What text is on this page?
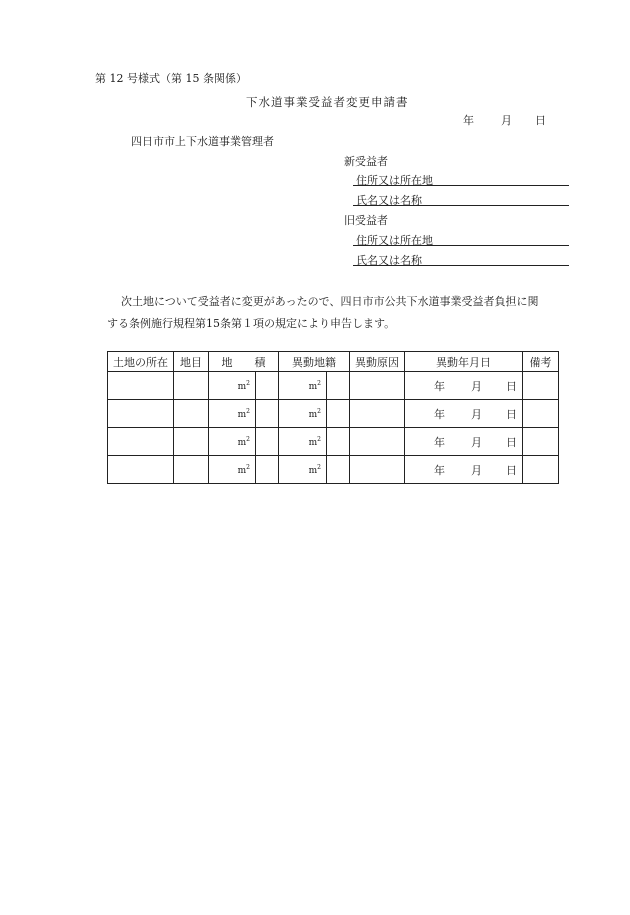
第 12 号様式（第 15 条関係）
下水道事業受益者変更申請書
年 月 日
四日市市上下水道事業管理者
新受益者
住所又は所在地
氏名又は名称
旧受益者
住所又は所在地
氏名又は名称
次土地について受益者に変更があったので、四日市市公共下水道事業受益者負担に関
する条例施行規程第15条第１項の規定により申告します。
土地の所在	地目	地　　積		異動地籍		異動原因	異動年月日	備考
		$m^2$		$m^2$			年 月 日	

		$m^2$		$m^2$			年 月 日	

		$m^2$		$m^2$			年 月 日	

		$m^2$		$m^2$			年 月 日	
